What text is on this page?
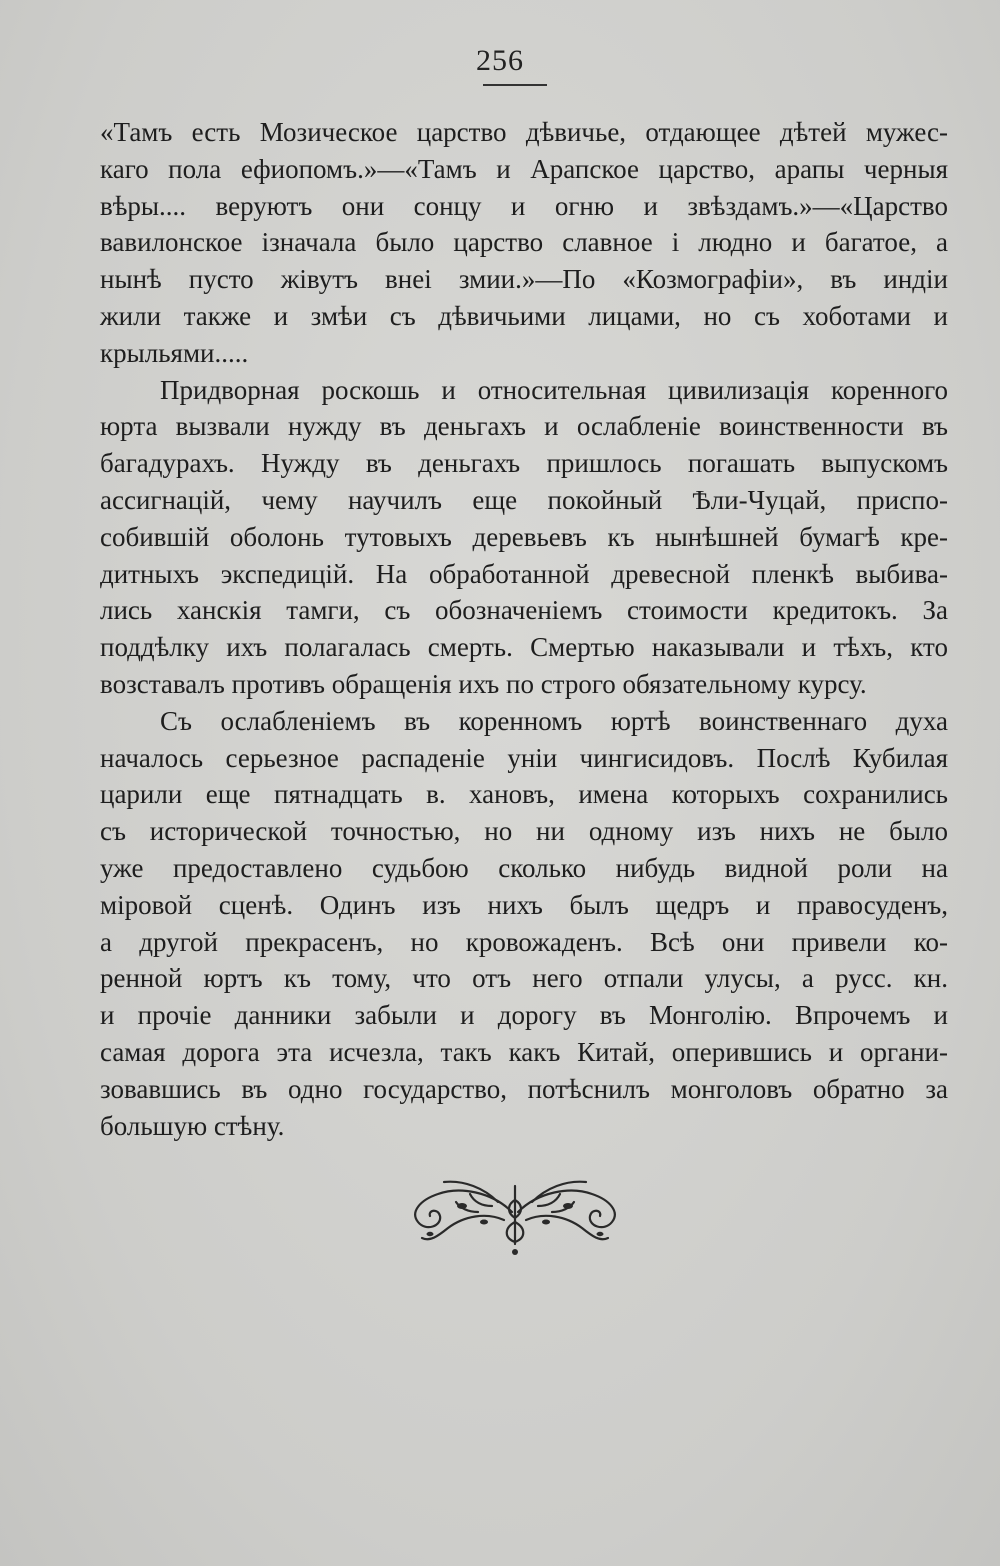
256
«Тамъ есть Мозическое царство дѣвичье, отдающее дѣтей мужес-
каго пола ефиопомъ.»—«Тамъ и Арапское царство, арапы черныя
вѣры.... веруютъ они сонцу и огню и звѣздамъ.»—«Царство
вавилонское iзначала было царство славное i людно и багатое, а
нынѣ пусто жiвутъ внеi змии.»—По «Козмографiи», въ индiи
жили также и змѣи съ дѣвичьими лицами, но съ хоботами и
крыльями.....
Придворная роскошь и относительная цивилизацiя коренного
юрта вызвали нужду въ деньгахъ и ослабленiе воинственности въ
багадурахъ. Нужду въ деньгахъ пришлось погашать выпускомъ
ассигнацiй, чему научилъ еще покойный Ѣли-Чуцай, приспо-
собившiй оболонь тутовыхъ деревьевъ къ нынѣшней бумагѣ кре-
дитныхъ экспедицiй. На обработанной древесной пленкѣ выбива-
лись ханскiя тамги, съ обозначенiемъ стоимости кредитокъ. За
поддѣлку ихъ полагалась смерть. Смертью наказывали и тѣхъ, кто
возставалъ противъ обращенiя ихъ по строго обязательному курсу.
Съ ослабленiемъ въ коренномъ юртѣ воинственнаго духа
началось серьезное распаденiе унiи чингисидовъ. Послѣ Кубилая
царили еще пятнадцать в. хановъ, имена которыхъ сохранились
съ исторической точностью, но ни одному изъ нихъ не было
уже предоставлено судьбою сколько нибудь видной роли на
мiровой сценѣ. Одинъ изъ нихъ былъ щедръ и правосуденъ,
а другой прекрасенъ, но кровожаденъ. Всѣ они привели ко-
ренной юртъ къ тому, что отъ него отпали улусы, а русс. кн.
и прочiе данники забыли и дорогу въ Монголiю. Впрочемъ и
самая дорога эта исчезла, такъ какъ Китай, оперившись и органи-
зовавшись въ одно государство, потѣснилъ монголовъ обратно за
большую стѣну.
